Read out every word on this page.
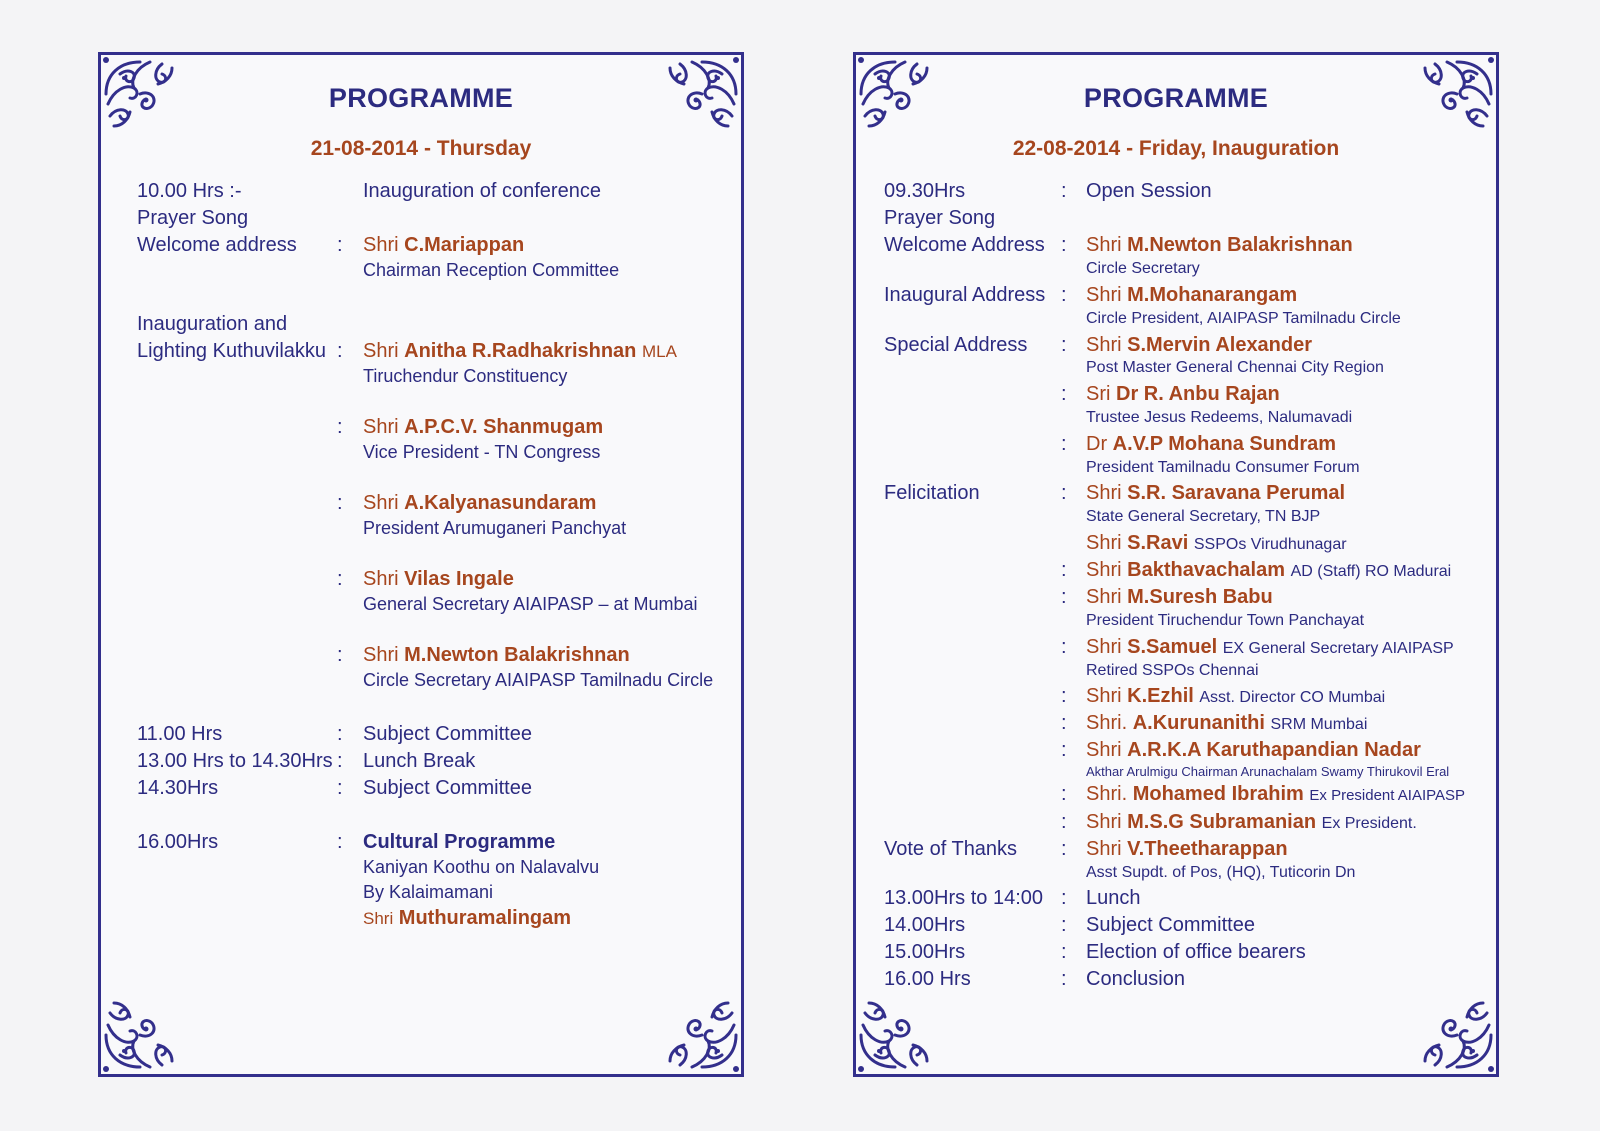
PROGRAMME
21-08-2014 - Thursday
10.00 Hrs :-	Inauguration of conference
Prayer Song
Welcome address : Shri C.Mariappan
Chairman Reception Committee
Inauguration and
Lighting Kuthuvilakku : Shri Anitha R.Radhakrishnan MLA
Tiruchendur Constituency
: Shri A.P.C.V. Shanmugam
Vice President - TN Congress
: Shri A.Kalyanasundaram
President Arumuganeri Panchyat
: Shri Vilas Ingale
General Secretary AIAIPASP – at Mumbai
: Shri M.Newton Balakrishnan
Circle Secretary AIAIPASP Tamilnadu Circle
11.00 Hrs	: Subject Committee
13.00 Hrs to 14.30Hrs : Lunch Break
14.30Hrs	: Subject Committee
16.00Hrs	: Cultural Programme
Kaniyan Koothu on Nalavalvu
By Kalaimamani
Shri Muthuramalingam
PROGRAMME
22-08-2014 - Friday, Inauguration
09.30Hrs	: Open Session
Prayer Song
Welcome Address : Shri M.Newton Balakrishnan
Circle Secretary
Inaugural Address : Shri M.Mohanarangam
Circle President, AIAIPASP Tamilnadu Circle
Special Address : Shri S.Mervin Alexander
Post Master General Chennai City Region
: Sri Dr R. Anbu Rajan
Trustee Jesus Redeems, Nalumavadi
: Dr A.V.P Mohana Sundram
President Tamilnadu Consumer Forum
Felicitation	: Shri S.R. Saravana Perumal
State General Secretary, TN BJP
Shri S.Ravi SSPOs Virudhunagar
: Shri Bakthavachalam AD (Staff) RO Madurai
: Shri M.Suresh Babu
President Tiruchendur Town Panchayat
: Shri S.Samuel EX General Secretary AIAIPASP
Retired SSPOs Chennai
: Shri K.Ezhil Asst. Director CO Mumbai
: Shri. A.Kurunanithi SRM Mumbai
: Shri A.R.K.A Karuthapandian Nadar
Akthar Arulmigu Chairman Arunachalam Swamy Thirukovil Eral
: Shri. Mohamed Ibrahim Ex President AIAIPASP
: Shri M.S.G Subramanian Ex President.
Vote of Thanks : Shri V.Theetharappan
Asst Supdt. of Pos, (HQ), Tuticorin Dn
13.00Hrs to 14:00 : Lunch
14.00Hrs	: Subject Committee
15.00Hrs	: Election of office bearers
16.00 Hrs	: Conclusion
